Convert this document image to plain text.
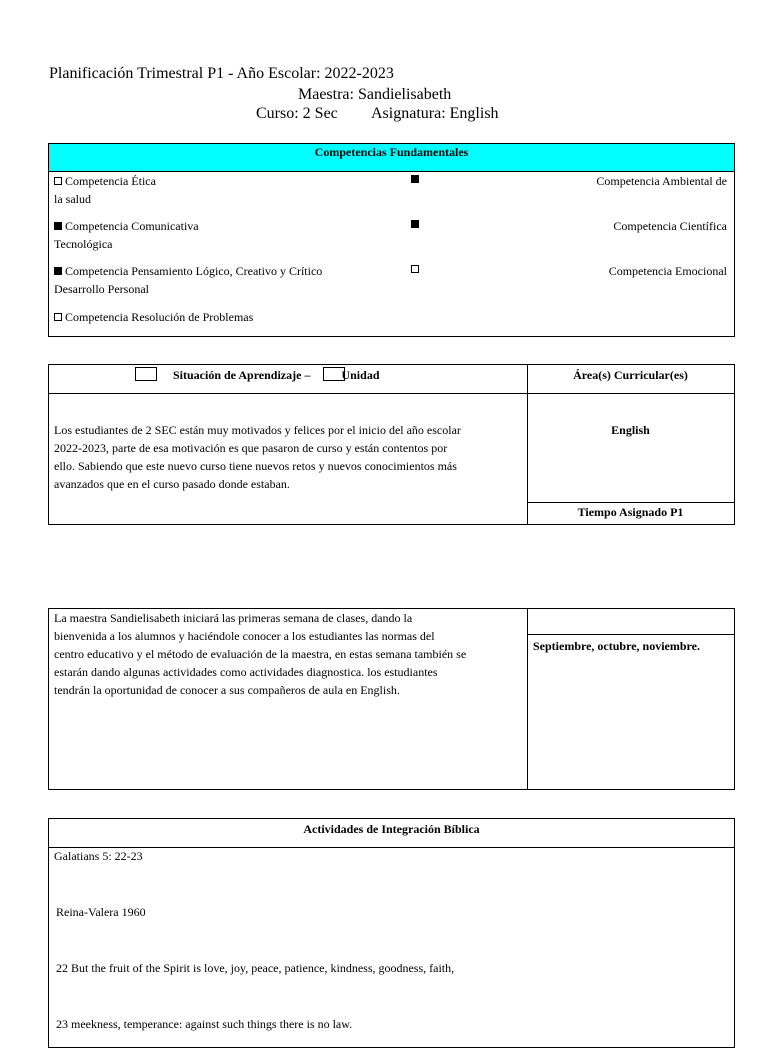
Planificación Trimestral P1 - Año Escolar: 2022-2023
Maestra: Sandielisabeth
Curso: 2 Sec Asignatura: English
Competencias Fundamentales
Competencia Ética
la salud
Competencia Ambiental de
Competencia Comunicativa
Tecnológica
Competencia Científica
Competencia Pensamiento Lógico, Creativo y Crítico
Desarrollo Personal
Competencia Emocional
Competencia Resolución de Problemas
Situación de Aprendizaje –	Unidad	Área(s) Curricular(es)
Los estudiantes de 2 SEC están muy motivados y felices por el inicio del año escolar
2022-2023, parte de esa motivación es que pasaron de curso y están contentos por
ello. Sabiendo que este nuevo curso tiene nuevos retos y nuevos conocimientos más
avanzados que en el curso pasado donde estaban.
English
Tiempo Asignado P1
La maestra Sandielisabeth iniciará las primeras semana de clases, dando la
bienvenida a los alumnos y haciéndole conocer a los estudiantes las normas del
centro educativo y el método de evaluación de la maestra, en estas semana también se
estarán dando algunas actividades como actividades diagnostica. los estudiantes
tendrán la oportunidad de conocer a sus compañeros de aula en English.
Septiembre, octubre, noviembre.
Actividades de Integración Bíblica
Galatians 5: 22-23
Reina-Valera 1960
22 But the fruit of the Spirit is love, joy, peace, patience, kindness, goodness, faith,
23 meekness, temperance: against such things there is no law.
